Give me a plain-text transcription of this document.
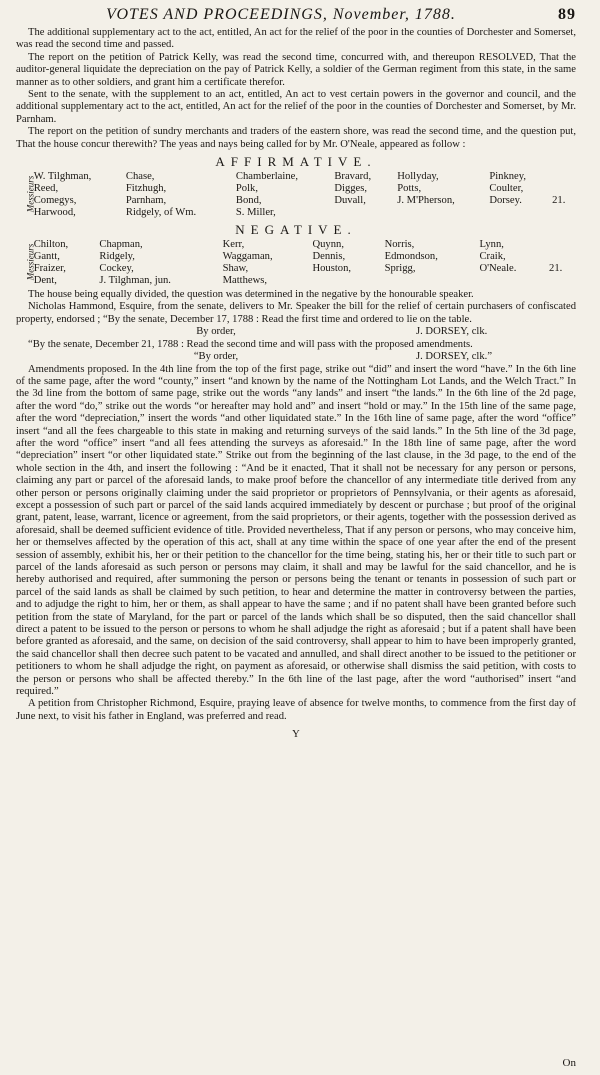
VOTES AND PROCEEDINGS, November, 1788.	89

The additional supplementary act to the act, entitled, An act for the relief of the poor in the counties of Dorchester and Somerset, was read the second time and passed.

The report on the petition of Patrick Kelly, was read the second time, concurred with, and thereupon RESOLVED, That the auditor-general liquidate the depreciation on the pay of Patrick Kelly, a soldier of the German regiment from this state, in the same manner as to other soldiers, and grant him a certificate therefor.

Sent to the senate, with the supplement to an act, entitled, An act to vest certain powers in the governor and council, and the additional supplementary act to the act, entitled, An act for the relief of the poor in the counties of Dorchester and Somerset, by Mr. Parnham.

The report on the petition of sundry merchants and traders of the eastern shore, was read the second time, and the question put, That the house concur therewith? The yeas and nays being called for by Mr. O'Neale, appeared as follow :

AFFIRMATIVE.
Messieurs
W. Tilghman,	Chase,	Chamberlaine,	Bravard,	Hollyday,	Pinkney,	
Reed,	Fitzhugh,	Polk,	Digges,	Potts,	Coulter,	
Comegys,	Parnham,	Bond,	Duvall,	J. M'Pherson,	Dorsey.	21.
Harwood,	Ridgely, of Wm.	S. Miller,				
NEGATIVE.
Messieurs
Chilton,	Chapman,	Kerr,	Quynn,	Norris,	Lynn,	
Gantt,	Ridgely,	Waggaman,	Dennis,	Edmondson,	Craik,	
Fraizer,	Cockey,	Shaw,	Houston,	Sprigg,	O'Neale.	21.
Dent,	J. Tilghman, jun.	Matthews,				

The house being equally divided, the question was determined in the negative by the honourable speaker.

Nicholas Hammond, Esquire, from the senate, delivers to Mr. Speaker the bill for the relief of certain purchasers of confiscated property, endorsed ; “By the senate, December 17, 1788 : Read the first time and ordered to lie on the table.

By order,	J. DORSEY, clk.

“By the senate, December 21, 1788 : Read the second time and will pass with the proposed amendments.

“By order,	J. DORSEY, clk.”

Amendments proposed. In the 4th line from the top of the first page, strike out “did” and insert the word “have.” In the 6th line of the same page, after the word “county,” insert “and known by the name of the Nottingham Lot Lands, and the Welch Tract.” In the 3d line from the bottom of same page, strike out the words “any lands” and insert “the lands.” In the 6th line of the 2d page, after the word “do,” strike out the words “or hereafter may hold and” and insert “hold or may.” In the 15th line of the same page, after the word “depreciation,” insert the words “and other liquidated state.” In the 16th line of same page, after the word “office” insert “and all the fees chargeable to this state in making and returning surveys of the said lands.” In the 5th line of the 3d page, after the word “office” insert “and all fees attending the surveys as aforesaid.” In the 18th line of same page, after the word “depreciation” insert “or other liquidated state.” Strike out from the beginning of the last clause, in the 3d page, to the end of the whole section in the 4th, and insert the following : “And be it enacted, That it shall not be necessary for any person or persons, claiming any part or parcel of the aforesaid lands, to make proof before the chancellor of any intermediate title derived from any other person or persons originally claiming under the said proprietor or proprietors of Pennsylvania, or their agents as aforesaid, except a possession of such part or parcel of the said lands acquired immediately by descent or purchase ; but proof of the original grant, patent, lease, warrant, licence or agreement, from the said proprietors, or their agents, together with the possession derived as aforesaid, shall be deemed sufficient evidence of title. Provided nevertheless, That if any person or persons, who may conceive him, her or themselves affected by the operation of this act, shall at any time within the space of one year after the end of the present session of assembly, exhibit his, her or their petition to the chancellor for the time being, stating his, her or their title to such part or parcel of the lands aforesaid as such person or persons may claim, it shall and may be lawful for the said chancellor, and he is hereby authorised and required, after summoning the person or persons being the tenant or tenants in possession of such part or parcel of the said lands as shall be claimed by such petition, to hear and determine the matter in controversy between the parties, and to adjudge the right to him, her or them, as shall appear to have the same ; and if no patent shall have been granted before such petition from the state of Maryland, for the part or parcel of the lands which shall be so disputed, then the said chancellor shall direct a patent to be issued to the person or persons to whom he shall adjudge the right as aforesaid ; but if a patent shall have been before granted as aforesaid, and the same, on decision of the said controversy, shall appear to him to have been improperly granted, the said chancellor shall then decree such patent to be vacated and annulled, and shall direct another to be issued to the petitioner or petitioners to whom he shall adjudge the right, on payment as aforesaid, or otherwise shall dismiss the said petition, with costs to the person or persons who shall be affected thereby.” In the 6th line of the last page, after the word “authorised” insert “and required.”

A petition from Christopher Richmond, Esquire, praying leave of absence for twelve months, to commence from the first day of June next, to visit his father in England, was preferred and read.

Y
On
